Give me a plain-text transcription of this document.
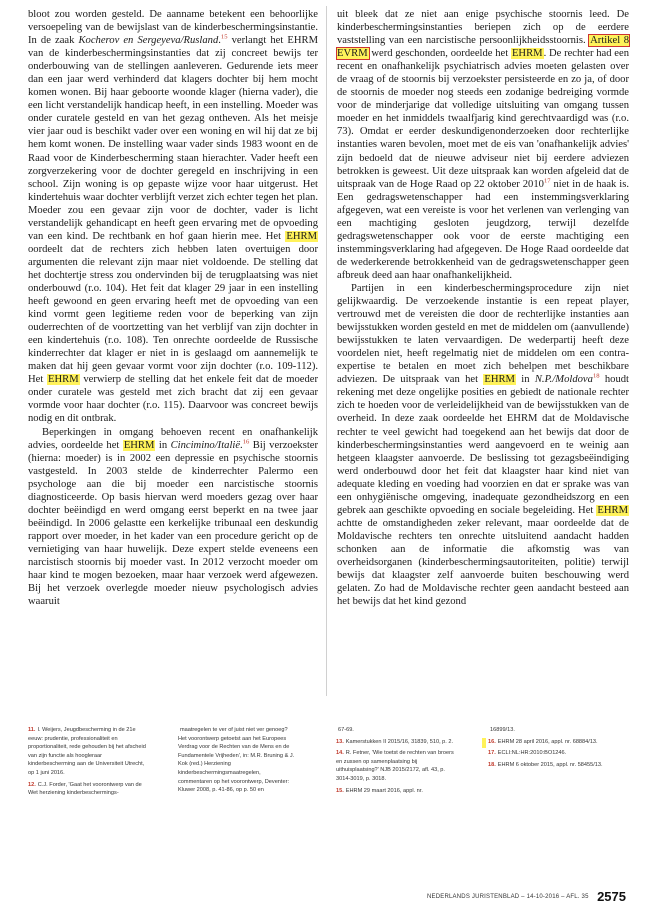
bloot zou worden gesteld. De aanname betekent een behoorlijke versoepeling van de bewijslast van de kinderbeschermingsinstantie. In de zaak Kocherov en Sergeyeva/Rusland.$^{15}$ verlangt het EHRM van de kinderbeschermingsinstanties dat zij concreet bewijs ter onderbouwing van de stellingen aanleveren. Gedurende iets meer dan een jaar werd verhinderd dat klagers dochter bij hem mocht komen wonen. Bij haar geboorte woonde klager (hierna vader), die een licht verstandelijk handicap heeft, in een instelling. Moeder was onder curatele gesteld en van het gezag ontheven. Als het meisje vier jaar oud is beschikt vader over een woning en wil hij dat ze bij hem komt wonen. De instelling waar vader sinds 1983 woont en de Raad voor de Kinderbescherming staan hierachter. Vader heeft een zorgverzekering voor de dochter geregeld en inschrijving in een school. Zijn woning is op gepaste wijze voor haar uitgerust. Het kindertehuis waar dochter verblijft verzet zich echter tegen het plan. Moeder zou een gevaar zijn voor de dochter, vader is licht verstandelijk gehandicapt en heeft geen ervaring met de opvoeding van een kind. De rechtbank en hof gaan hierin mee. Het EHRM oordeelt dat de rechters zich hebben laten overtuigen door argumenten die relevant zijn maar niet voldoende. De stelling dat het dochtertje stress zou ondervinden bij de terugplaatsing was niet onderbouwd (r.o. 104). Het feit dat klager 29 jaar in een instelling heeft gewoond en geen ervaring heeft met de opvoeding van een kind vormt geen legitieme reden voor de beperking van zijn ouderrechten of de voortzetting van het verblijf van zijn dochter in een kindertehuis (r.o. 108). Ten onrechte oordeelde de Russische kinderrechter dat klager er niet in is geslaagd om aannemelijk te maken dat hij geen gevaar vormt voor zijn dochter (r.o. 109-112). Het EHRM verwierp de stelling dat het enkele feit dat de moeder onder curatele was gesteld met zich bracht dat zij een gevaar vormde voor haar dochter (r.o. 115). Daarvoor was concreet bewijs nodig en dit ontbrak.

Beperkingen in omgang behoeven recent en onafhankelijk advies, oordeelde het EHRM in Cincimino/Italië.$^{16}$ Bij verzoekster (hierna: moeder) is in 2002 een depressie en psychische stoornis vastgesteld. In 2003 stelde de kinderrechter Palermo een psychologe aan die bij moeder een narcistische stoornis diagnosticeerde. Op basis hiervan werd moeders gezag over haar dochter beëindigd en werd omgang eerst beperkt en na twee jaar beëindigd. In 2006 gelastte een kerkelijke tribunaal een deskundig rapport over moeder, in het kader van een procedure gericht op de vernietiging van haar huwelijk. Deze expert stelde eveneens een narcistisch stoornis bij moeder vast. In 2012 verzocht moeder om haar kind te mogen bezoeken, maar haar verzoek werd afgewezen. Bij het verzoek overlegde moeder nieuw psychologisch advies waaruit

uit bleek dat ze niet aan enige psychische stoornis leed. De kinderbeschermingsinstanties beriepen zich op de eerdere vaststelling van een narcistische persoonlijkheidsstoornis. Artikel 8 EVRM werd geschonden, oordeelde het EHRM. De rechter had een recent en onafhankelijk psychiatrisch advies moeten gelasten over de vraag of de stoornis bij verzoekster persisteerde en zo ja, of door de stoornis de moeder nog steeds een zodanige bedreiging vormde voor de minderjarige dat volledige uitsluiting van omgang tussen moeder en het inmiddels twaalfjarig kind gerechtvaardigd was (r.o. 73). Omdat er eerder deskundigenonderzoeken door rechterlijke instanties waren bevolen, moet met de eis van 'onafhankelijk advies' zijn bedoeld dat de nieuwe adviseur niet bij eerdere adviezen betrokken is geweest. Uit deze uitspraak kan worden afgeleid dat de uitspraak van de Hoge Raad op 22 oktober 2010$^{17}$ niet in de haak is. Een gedragswetenschapper had een instemmingsverklaring afgegeven, wat een vereiste is voor het verlenen van verlenging van een machtiging gesloten jeugdzorg, terwijl dezelfde gedragswetenschapper ook voor de eerste machtiging een instemmingsverklaring had afgegeven. De Hoge Raad oordeelde dat de wederkerende betrokkenheid van de gedragswetenschapper geen afbreuk deed aan haar onafhankelijkheid.

Partijen in een kinderbeschermingsprocedure zijn niet gelijkwaardig. De verzoekende instantie is een repeat player, vertrouwd met de vereisten die door de rechterlijke instanties aan bewijsstukken worden gesteld en met de middelen om (aanvullende) bewijsstukken te laten vervaardigen. De wederpartij heeft deze voordelen niet, heeft regelmatig niet de middelen om een contra-expertise te betalen en moet zich behelpen met beschikbare adviezen. De uitspraak van het EHRM in N.P./Moldova$^{18}$ houdt rekening met deze ongelijke posities en gebiedt de nationale rechter zich te hoeden voor de verleidelijkheid van de bewijsstukken van de overheid. In deze zaak oordeelde het EHRM dat de Moldavische rechter te veel gewicht had toegekend aan het bewijs dat door de kinderbeschermingsinstanties werd aangevoerd en te weinig aan hetgeen klaagster aanvoerde. De beslissing tot gezagsbeëindiging werd onderbouwd door het feit dat klaagster haar kind niet van adequate kleding en voeding had voorzien en dat er sprake was van een onhygiënische omgeving, inadequate gezondheidszorg en een gebrek aan geschikte opvoeding en sociale begeleiding. Het EHRM achtte de omstandigheden zeker relevant, maar oordeelde dat de Moldavische rechters ten onrechte uitsluitend aandacht hadden schonken aan de informatie die afkomstig was van overheidsorganen (kinderbeschermingsautoriteiten, politie) terwijl bewijs dat klaagster zelf aanvoerde buiten beschouwing werd gelaten. Zo had de Moldavische rechter geen aandacht besteed aan het bewijs dat het kind gezond

11. I. Weijers, Jeugdbescherming in de 21e eeuw: prudentie, professionaliteit en proportionaliteit, rede gehouden bij het afscheid van zijn functie als hoogleraar kinderbescherming aan de Universiteit Utrecht, op 1 juni 2016.
12. C.J. Forder, 'Gaat het voorontwerp van de Wet herziening kinderbeschermings-
maatregelen te ver of juist niet ver genoeg? Het voorontwerp getoetst aan het Europees Verdrag voor de Rechten van de Mens en de Fundamentele Vrijheden', in: M.R. Bruning & J. Kok (red.) Herziening kinderbeschermingsmaatregelen, commentaren op het voorontwerp, Deventer: Kluwer 2008, p. 41-86, op p. 50 en
67-69.
13. Kamerstukken II 2015/16, 31839, 510, p. 2.
14. R. Fetner, 'Wie toetst de rechten van broers en zussen op samenplaatsing bij uithuisplaatsing?' NJB 2015/2172, afl. 43, p. 3014-3019, p. 3018.
15. EHRM 29 maart 2016, appl. nr.
16899/13.
16. EHRM 28 april 2016, appl. nr. 68884/13.
17. ECLI:NL:HR:2010:BO1246.
18. EHRM 6 oktober 2015, appl. nr. 58455/13.
NEDERLANDS JURISTENBLAD – 14-10-2016 – AFL. 35 2575
